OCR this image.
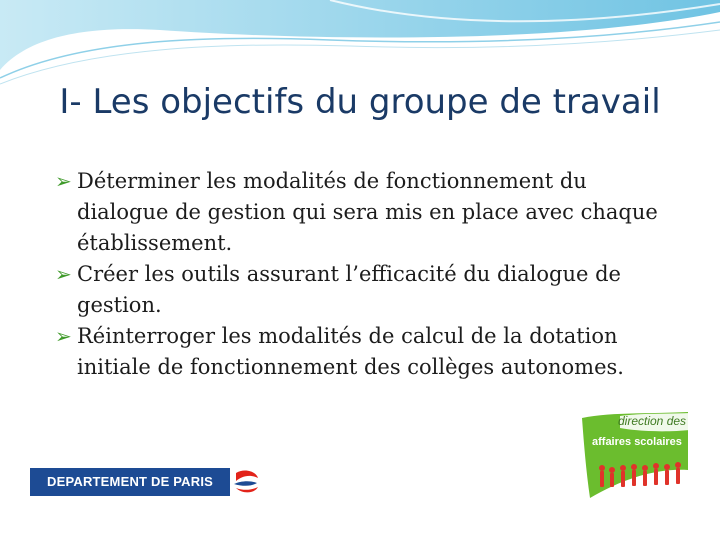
I- Les objectifs du groupe de travail
➢ Déterminer les modalités de fonctionnement du dialogue de gestion qui sera mis en place avec chaque établissement.
➢ Créer les outils assurant l’efficacité du dialogue de gestion.
➢ Réinterroger les modalités de calcul de la dotation initiale de fonctionnement des collèges autonomes.
DEPARTEMENT DE PARIS
direction des
affaires scolaires
